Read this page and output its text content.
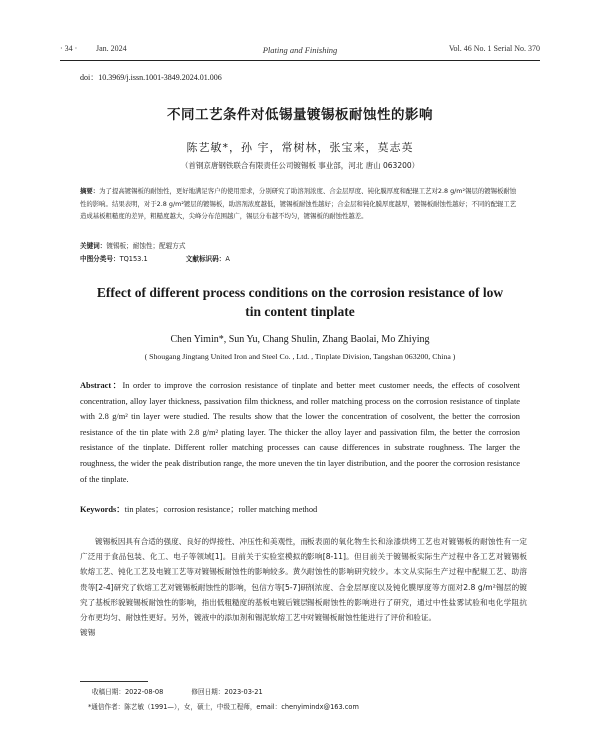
· 34 · Jan. 2024	Plating and Finishing	Vol. 46 No. 1 Serial No. 370
doi：10.3969/j.issn.1001-3849.2024.01.006
不同工艺条件对低锡量镀锡板耐蚀性的影响
陈艺敏*，孙 宇，常树林，张宝来，莫志英
（首钢京唐钢铁联合有限责任公司镀锡板 事业部，河北 唐山 063200）
摘要：为了提高镀锡板的耐蚀性，更好地满足客户的使用需求，分别研究了助溶剂浓度、合金层厚度、钝化膜厚度和配辊工艺对2.8 g/m²锡层的镀锡板耐蚀性的影响。结果表明，对于2.8 g/m²镀层的镀锡板，助溶剂浓度越低，镀锡板耐蚀性越好；合金层和钝化膜厚度越厚，镀锡板耐蚀性越好；不同的配辊工艺造成基板粗糙度的差异，粗糙度越大，尖峰分布范围越广，锡层分布越不均匀，镀锡板的耐蚀性越差。
关键词：镀锡板；耐蚀性；配辊方式
中图分类号：TQ153.1	文献标识码：A
Effect of different process conditions on the corrosion resistance of low tin content tinplate
Chen Yimin*, Sun Yu, Chang Shulin, Zhang Baolai, Mo Zhiying
( Shougang Jingtang United Iron and Steel Co. , Ltd. , Tinplate Division, Tangshan 063200, China )
Abstract：In order to improve the corrosion resistance of tinplate and better meet customer needs, the effects of cosolvent concentration, alloy layer thickness, passivation film thickness, and roller matching process on the corrosion resistance of tinplate with 2.8 g/m² tin layer were studied. The results show that the lower the concentration of cosolvent, the better the corrosion resistance of the tin plate with 2.8 g/m² plating layer. The thicker the alloy layer and passivation film, the better the corrosion resistance of the tinplate. Different roller matching processes can cause differences in substrate roughness. The larger the roughness, the wider the peak distribution range, the more uneven the tin layer distribution, and the poorer the corrosion resistance of the tinplate.
Keywords：tin plates；corrosion resistance；roller matching method

镀锡板因具有合适的强度、良好的焊接性、冲压性和美观性，而广泛用于食品包装、化工、电子等领域[1]。目前关于实验室模拟的软熔工艺、钝化工艺及电镀工艺等对镀锡板耐蚀性的影响较多。黄久贵等[2-4]研究了软熔工艺对镀锡板耐蚀性的影响，包信方等[5-7]研究了基板形貌镀锡板耐蚀性的影响，指出低粗糙度的基板电镀后镀层分布更均匀、耐蚀性更好。另外，镀液中的添加剂和锡泥软熔工艺中镀锡

板表面的氧化物生长和涂漆烘烤工艺也对镀锡板的耐蚀性有一定影响[8-11]。但目前关于镀锡板实际生产过程中各工艺对镀锡板耐蚀性的影响研究较少。本文从实际生产过程中配辊工艺、助溶剂浓度、合金层厚度以及钝化膜厚度等方面对2.8 g/m²锡层的镀锡板耐蚀性的影响进行了研究，通过中性盐雾试验和电化学阻抗对镀锡板耐蚀性能进行了评价和验证。

收稿日期：2022-08-08	修回日期：2023-03-21
*通信作者：陈艺敏（1991—），女，硕士，中级工程师，email：chenyimindx@163.com
